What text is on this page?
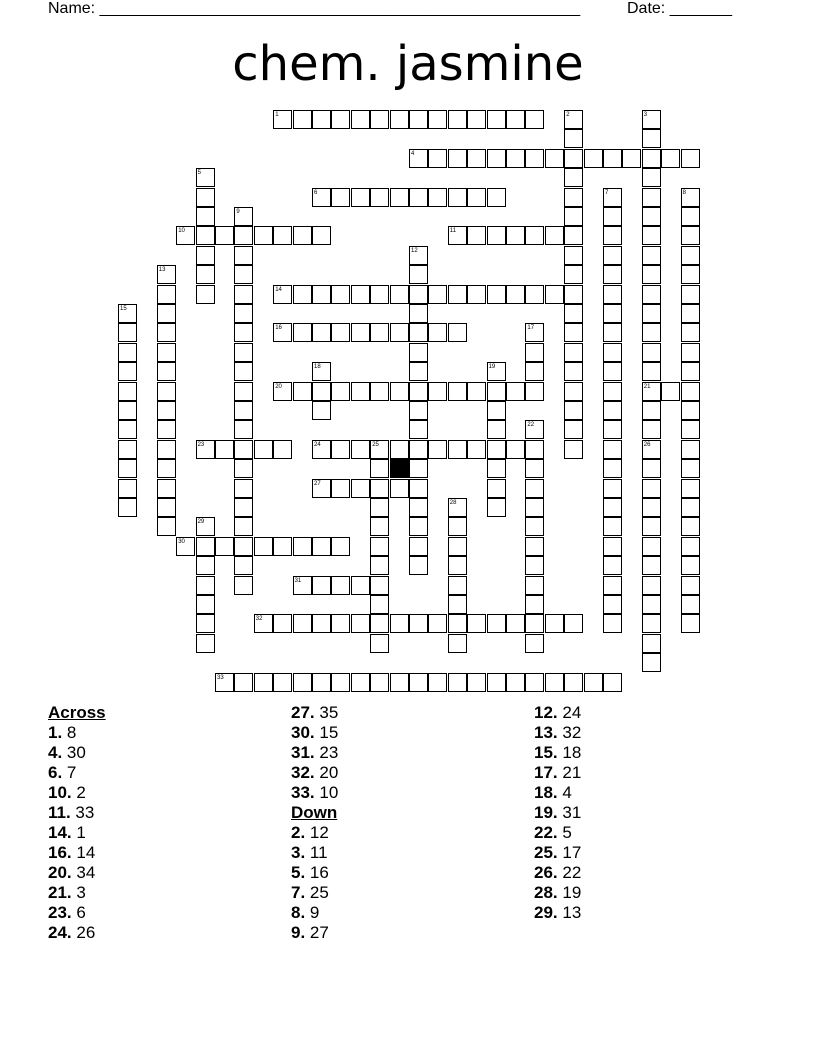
Name: ______________________________________________________	Date: _______
chem. jasmine
1	2	3
4
5
6	7	8
9
10	11
12
13
14
15
16	17
18	19
20	21
22
23	24	25	26
27
28
29
30
31
32
33
Across
1. 8
4. 30
6. 7
10. 2
11. 33
14. 1
16. 14
20. 34
21. 3
23. 6
24. 26
27. 35
30. 15
31. 23
32. 20
33. 10
Down
2. 12
3. 11
5. 16
7. 25
8. 9
9. 27
12. 24
13. 32
15. 18
17. 21
18. 4
19. 31
22. 5
25. 17
26. 22
28. 19
29. 13
